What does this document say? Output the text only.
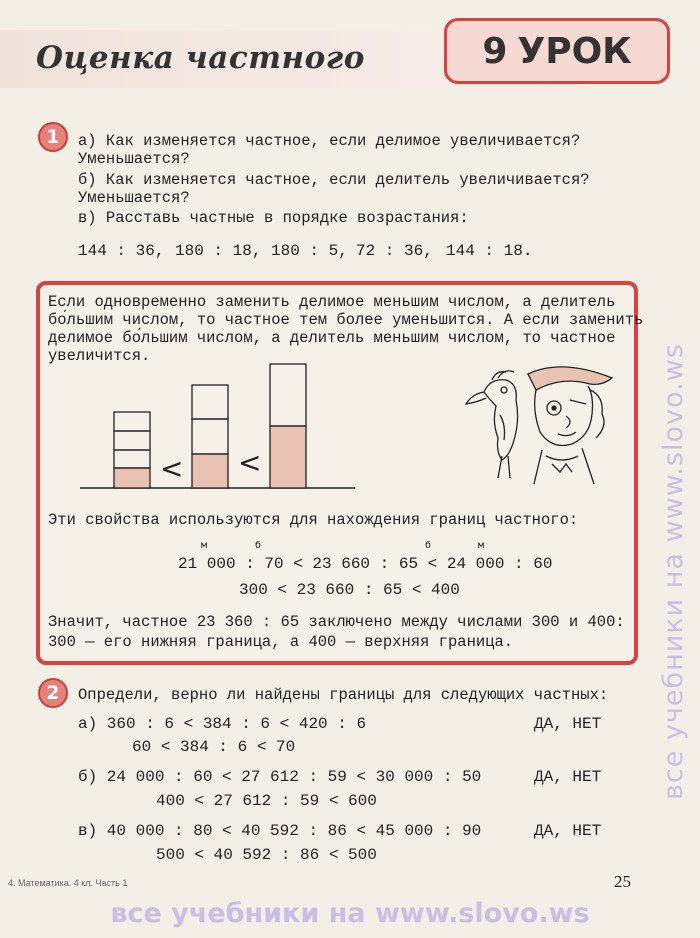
Оценка частного	9 УРОК
все учебники на www.slovo.ws
1	а) Как изменяется частное, если делимое увеличивается?
Уменьшается?
б) Как изменяется частное, если делитель увеличивается?
Уменьшается?
в) Расставь частные в порядке возрастания:
144 : 36, 180 : 18, 180 : 5, 72 : 36, 144 : 18.
Если одновременно заменить делимое меньшим числом, а делитель
бо́льшим числом, то частное тем более уменьшится. А если заменить
делимое бо́льшим числом, а делитель меньшим числом, то частное
увеличится.
< <
Эти свойства используются для нахождения границ частного:
м	б	б	м
21 000 : 70 < 23 660 : 65 < 24 000 : 60
300 < 23 660 : 65 < 400
Значит, частное 23 360 : 65 заключено между числами 300 и 400:
300 — его нижняя граница, а 400 — верхняя граница.
2	Определи, верно ли найдены границы для следующих частных:
а) 360 : 6 < 384 : 6 < 420 : 6
60 < 384 : 6 < 70
ДА, НЕТ
б) 24 000 : 60 < 27 612 : 59 < 30 000 : 50
400 < 27 612 : 59 < 600
ДА, НЕТ
в) 40 000 : 80 < 40 592 : 86 < 45 000 : 90
500 < 40 592 : 86 < 500
ДА, НЕТ
4. Математика. 4 кл. Часть 1	25
все учебники на www.slovo.ws
